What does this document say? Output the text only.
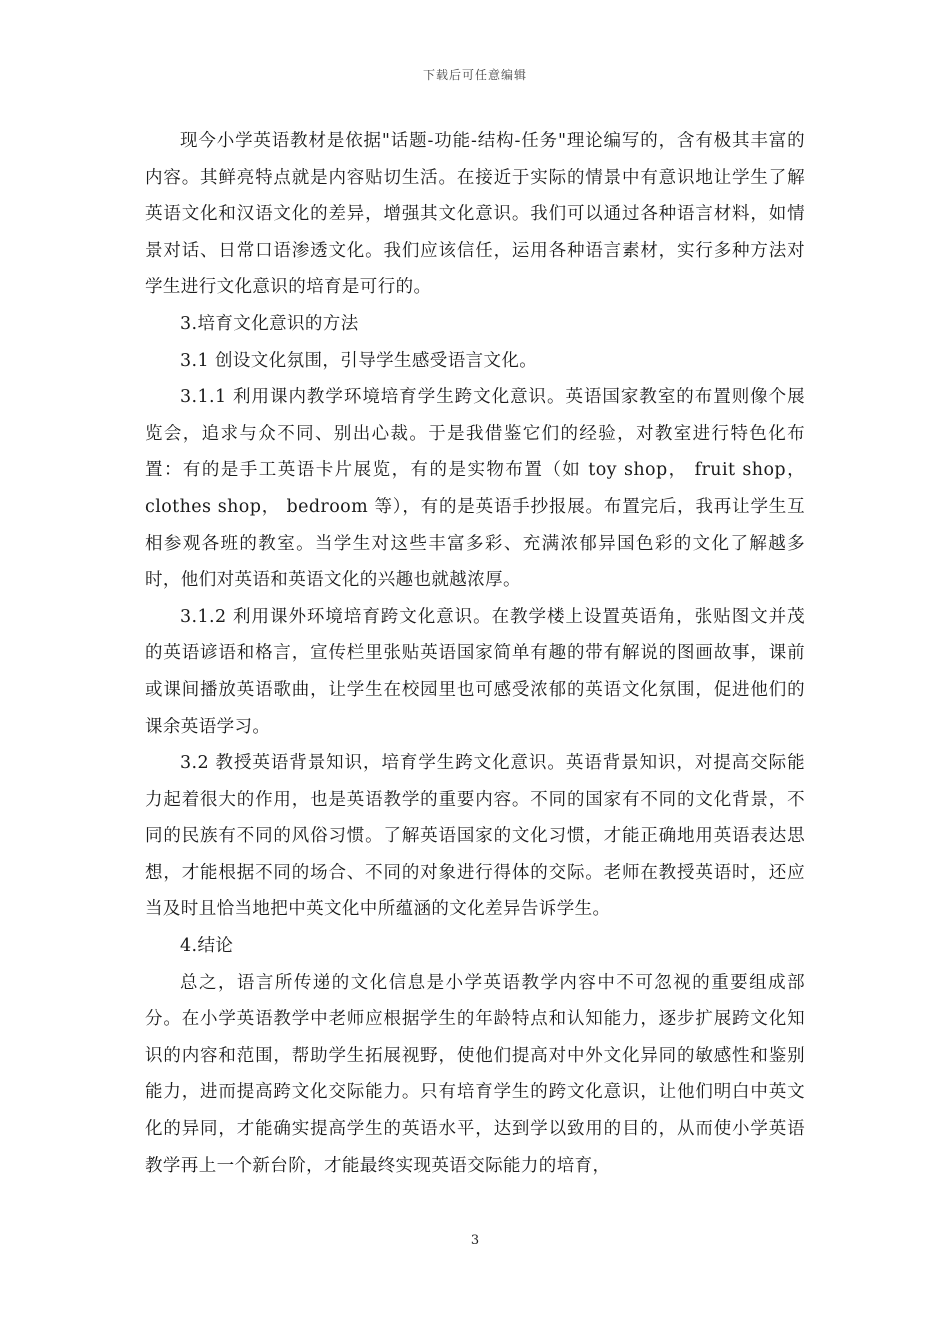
下载后可任意编辑

现今小学英语教材是依据"话题-功能-结构-任务"理论编写的，含有极其丰富的内容。其鲜亮特点就是内容贴切生活。在接近于实际的情景中有意识地让学生了解英语文化和汉语文化的差异，增强其文化意识。我们可以通过各种语言材料，如情景对话、日常口语渗透文化。我们应该信任，运用各种语言素材，实行多种方法对学生进行文化意识的培育是可行的。

3.培育文化意识的方法

3.1 创设文化氛围，引导学生感受语言文化。

3.1.1 利用课内教学环境培育学生跨文化意识。英语国家教室的布置则像个展览会，追求与众不同、别出心裁。于是我借鉴它们的经验，对教室进行特色化布置：有的是手工英语卡片展览，有的是实物布置（如 toy shop， fruit shop， clothes shop， bedroom 等），有的是英语手抄报展。布置完后，我再让学生互相参观各班的教室。当学生对这些丰富多彩、充满浓郁异国色彩的文化了解越多时，他们对英语和英语文化的兴趣也就越浓厚。

3.1.2 利用课外环境培育跨文化意识。在教学楼上设置英语角，张贴图文并茂的英语谚语和格言，宣传栏里张贴英语国家简单有趣的带有解说的图画故事，课前或课间播放英语歌曲，让学生在校园里也可感受浓郁的英语文化氛围，促进他们的课余英语学习。

3.2 教授英语背景知识，培育学生跨文化意识。英语背景知识，对提高交际能力起着很大的作用，也是英语教学的重要内容。不同的国家有不同的文化背景，不同的民族有不同的风俗习惯。了解英语国家的文化习惯，才能正确地用英语表达思想，才能根据不同的场合、不同的对象进行得体的交际。老师在教授英语时，还应当及时且恰当地把中英文化中所蕴涵的文化差异告诉学生。

4.结论

总之，语言所传递的文化信息是小学英语教学内容中不可忽视的重要组成部分。在小学英语教学中老师应根据学生的年龄特点和认知能力，逐步扩展跨文化知识的内容和范围，帮助学生拓展视野，使他们提高对中外文化异同的敏感性和鉴别能力，进而提高跨文化交际能力。只有培育学生的跨文化意识，让他们明白中英文化的异同，才能确实提高学生的英语水平，达到学以致用的目的，从而使小学英语教学再上一个新台阶，才能最终实现英语交际能力的培育，

3
